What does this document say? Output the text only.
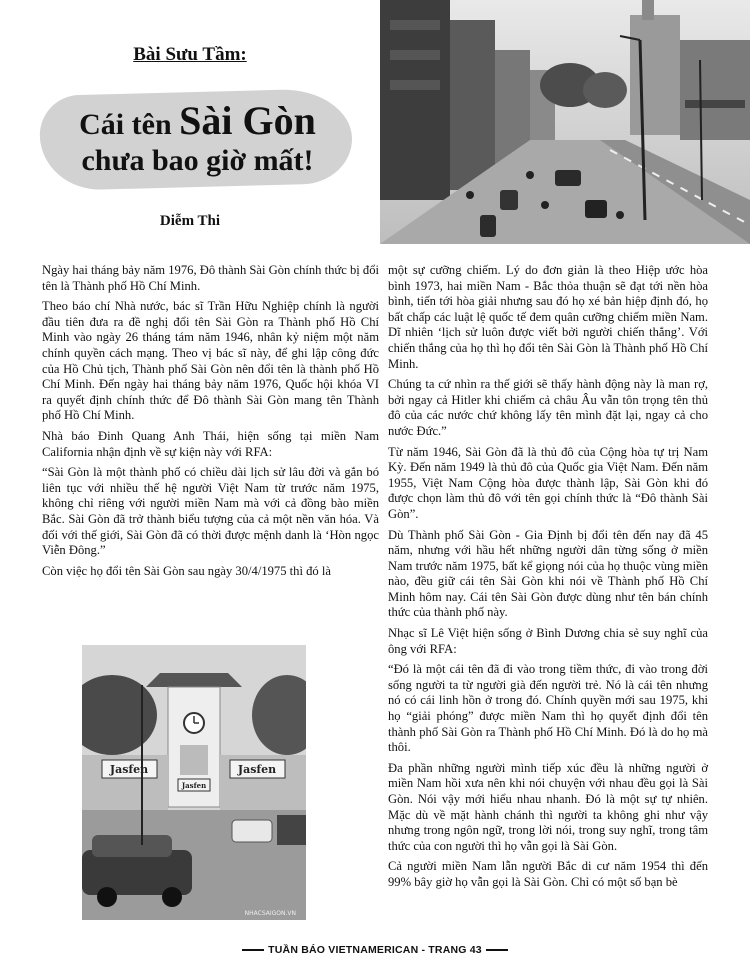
Bài Sưu Tầm:
Cái tên Sài Gòn
chưa bao giờ mất!
Diễm Thi
Jasfen	Jasfen
Jasfen
NHACSAIGON.VN

Ngày hai tháng bảy năm 1976, Đô thành Sài Gòn chính thức bị đổi tên là Thành phố Hồ Chí Minh.

Theo báo chí Nhà nước, bác sĩ Trần Hữu Nghiệp chính là người đầu tiên đưa ra đề nghị đổi tên Sài Gòn ra Thành phố Hồ Chí Minh vào ngày 26 tháng tám năm 1946, nhân kỷ niệm một năm chính quyền cách mạng. Theo vị bác sĩ này, để ghi lập công đức của Hồ Chủ tịch, Thành phố Sài Gòn nên đổi tên là thành phố Hồ Chí Minh. Đến ngày hai tháng bảy năm 1976, Quốc hội khóa VI ra quyết định chính thức để Đô thành Sài Gòn mang tên Thành phố Hồ Chí Minh.

Nhà báo Đinh Quang Anh Thái, hiện sống tại miền Nam California nhận định về sự kiện này với RFA:

“Sài Gòn là một thành phố có chiều dài lịch sử lâu đời và gắn bó liên tục với nhiều thế hệ người Việt Nam từ trước năm 1975, không chỉ riêng với người miền Nam mà với cả đồng bào miền Bắc. Sài Gòn đã trở thành biểu tượng của cả một nền văn hóa. Và đối với thế giới, Sài Gòn đã có thời được mệnh danh là ‘Hòn ngọc Viễn Đông.”

Còn việc họ đổi tên Sài Gòn sau ngày 30/4/1975 thì đó là

một sự cưỡng chiếm. Lý do đơn giản là theo Hiệp ước hòa bình 1973, hai miền Nam - Bắc thỏa thuận sẽ đạt tới nền hòa bình, tiến tới hòa giải nhưng sau đó họ xé bản hiệp định đó, họ bất chấp các luật lệ quốc tế đem quân cưỡng chiếm miền Nam. Dĩ nhiên ‘lịch sử luôn được viết bởi người chiến thắng’. Với chiến thắng của họ thì họ đổi tên Sài Gòn là Thành phố Hồ Chí Minh.

Chúng ta cứ nhìn ra thế giới sẽ thấy hành động này là man rợ, bởi ngay cả Hitler khi chiếm cả châu Âu vẫn tôn trọng tên thủ đô của các nước chứ không lấy tên mình đặt lại, ngay cả cho nước Đức.”

Từ năm 1946, Sài Gòn đã là thủ đô của Cộng hòa tự trị Nam Kỳ. Đến năm 1949 là thủ đô của Quốc gia Việt Nam. Đến năm 1955, Việt Nam Cộng hòa được thành lập, Sài Gòn khi đó được chọn làm thủ đô với tên gọi chính thức là “Đô thành Sài Gòn”.

Dù Thành phố Sài Gòn - Gia Định bị đổi tên đến nay đã 45 năm, nhưng với hầu hết những người dân từng sống ở miền Nam trước năm 1975, bất kể giọng nói của họ thuộc vùng miền nào, đều giữ cái tên Sài Gòn khi nói về Thành phố Hồ Chí Minh hôm nay. Cái tên Sài Gòn được dùng như tên bán chính thức của thành phố này.

Nhạc sĩ Lê Việt hiện sống ở Bình Dương chia sẻ suy nghĩ của ông với RFA:

“Đó là một cái tên đã đi vào trong tiềm thức, đi vào trong đời sống người ta từ người già đến người trẻ. Nó là cái tên nhưng nó có cái linh hồn ở trong đó. Chính quyền mới sau 1975, khi họ “giải phóng” được miền Nam thì họ quyết định đổi tên thành phố Sài Gòn ra Thành phố Hồ Chí Minh. Đó là do họ mà thôi.

Đa phần những người mình tiếp xúc đều là những người ở miền Nam hồi xưa nên khi nói chuyện với nhau đều gọi là Sài Gòn. Nói vậy mới hiểu nhau nhanh. Đó là một sự tự nhiên. Mặc dù về mặt hành chánh thì người ta không ghi như vậy nhưng trong ngôn ngữ, trong lời nói, trong suy nghĩ, trong tâm thức của con người thì họ vẫn gọi là Sài Gòn.

Cả người miền Nam lẫn người Bắc di cư năm 1954 thì đến 99% bây giờ họ vẫn gọi là Sài Gòn. Chỉ có một số bạn bè

TUẦN BÁO VIETNAMERICAN - TRANG 43
